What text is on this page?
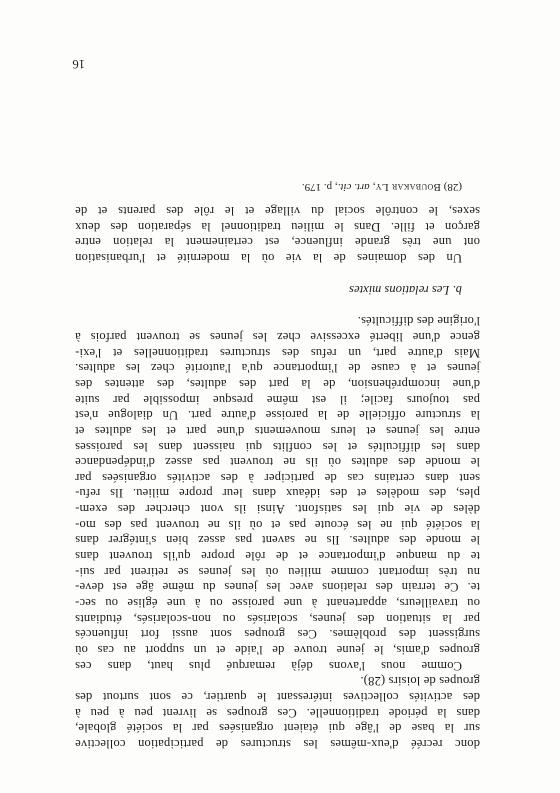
donc recréé d'eux-mêmes les structures de participation collective

sur la base de l'âge qui étaient organisées par la société globale,

dans la période traditionnelle. Ces groupes se livrent peu à peu à

des activités collectives intéressant le quartier, ce sont surtout des

groupes de loisirs (28).

Comme nous l'avons déjà remarqué plus haut, dans ces

groupes d'amis, le jeune trouve de l'aide et un support au cas où

surgissent des problèmes. Ces groupes sont aussi fort influencés

par la situation des jeunes, scolarisés ou non-scolarisés, étudiants

ou travailleurs, appartenant à une paroisse ou à une église ou sec-

te. Ce terrain des relations avec les jeunes du même âge est deve-

nu très important comme milieu où les jeunes se retirent par sui-

te du manque d'importance et de rôle propre qu'ils trouvent dans

le monde des adultes. Ils ne savent pas assez bien s'intégrer dans

la société qui ne les écoute pas et où ils ne trouvent pas des mo-

dèles de vie qui les satisfont. Ainsi ils vont chercher des exem-

ples, des modèles et des idéaux dans leur propre milieu. Ils refu-

sent dans certains cas de participer à des activités organisées par

le monde des adultes où ils ne trouvent pas assez d'indépendance

dans les difficultés et les conflits qui naissent dans les paroisses

entre les jeunes et leurs mouvements d'une part et les adultes et

la structure officielle de la paroisse d'autre part. Un dialogue n'est

pas toujours facile; il est même presque impossible par suite

d'une incompréhension, de la part des adultes, des attentes des

jeunes et à cause de l'importance qu'a l'autorité chez les adultes.

Mais d'autre part, un refus des structures traditionnelles et l'exi-

gence d'une liberté excessive chez les jeunes se trouvent parfois à

l'origine des difficultés.

b. Les relations mixtes

Un des domaines de la vie où la modernité et l'urbanisation

ont une très grande influence, est certainement la relation entre

garçon et fille. Dans le milieu traditionnel la séparation des deux

sexes, le contrôle social du village et le rôle des parents et de

(28) Boubakar Ly, art. cit., p. 179.

16
